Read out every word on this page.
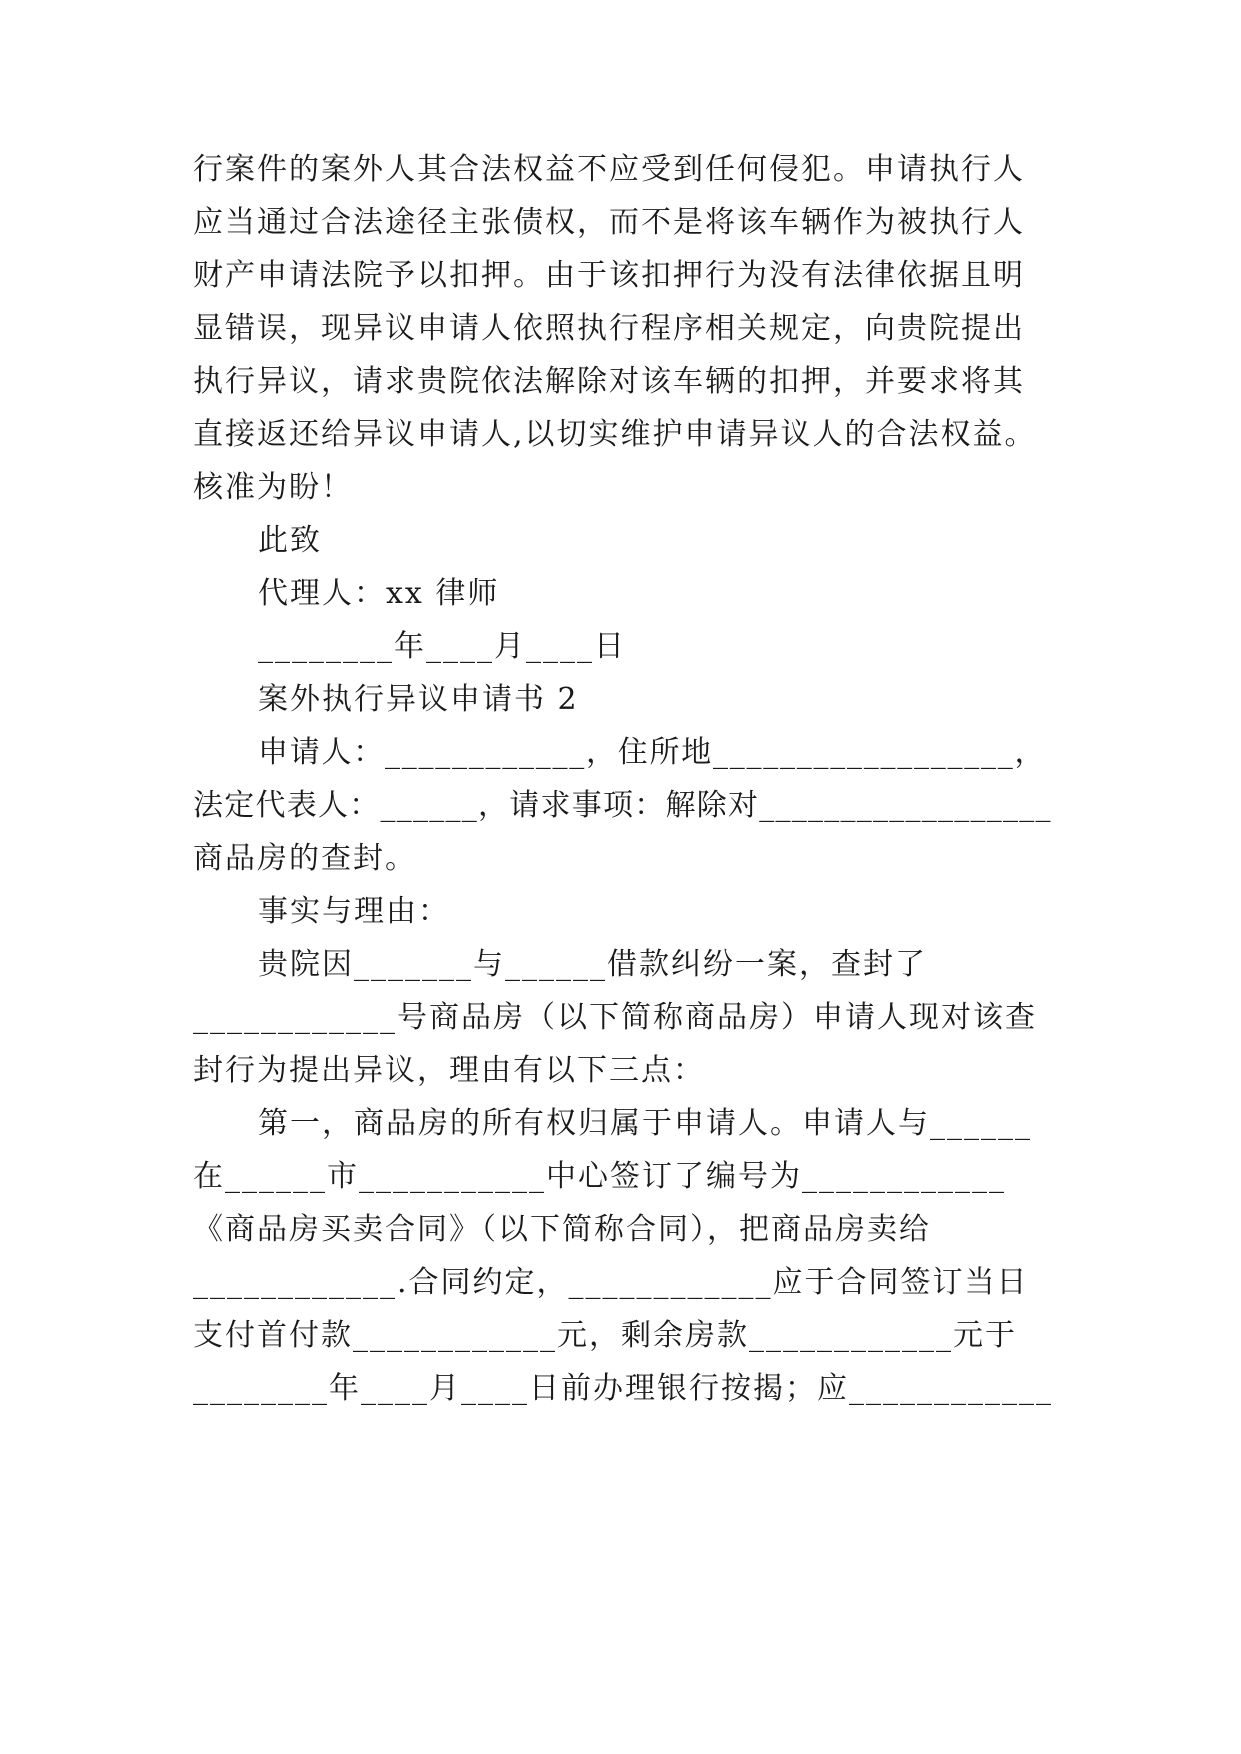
行案件的案外人其合法权益不应受到任何侵犯。申请执行人
应当通过合法途径主张债权，而不是将该车辆作为被执行人
财产申请法院予以扣押。由于该扣押行为没有法律依据且明
显错误，现异议申请人依照执行程序相关规定，向贵院提出
执行异议，请求贵院依法解除对该车辆的扣押，并要求将其
直接返还给异议申请人,以切实维护申请异议人的合法权益。
核准为盼！
此致
代理人：xx 律师
________年____月____日
案外执行异议申请书 2
申请人：____________，住所地__________________，
法定代表人：______，请求事项：解除对__________________
商品房的查封。
事实与理由：
贵院因_______与______借款纠纷一案，查封了
____________号商品房（以下简称商品房）申请人现对该查
封行为提出异议，理由有以下三点：
第一，商品房的所有权归属于申请人。申请人与______
在______市___________中心签订了编号为____________
《商品房买卖合同》（以下简称合同），把商品房卖给
____________.合同约定，____________应于合同签订当日
支付首付款____________元，剩余房款____________元于
________年____月____日前办理银行按揭；应____________
